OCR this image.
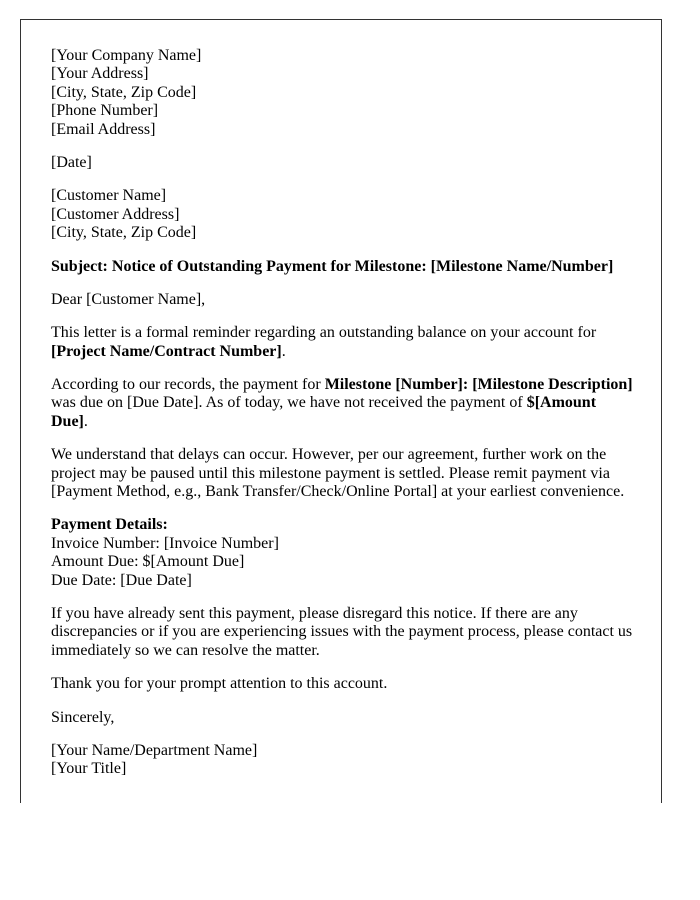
[Your Company Name]
[Your Address]
[City, State, Zip Code]
[Phone Number]
[Email Address]

[Date]

[Customer Name]
[Customer Address]
[City, State, Zip Code]

Subject: Notice of Outstanding Payment for Milestone: [Milestone Name/Number]

Dear [Customer Name],

This letter is a formal reminder regarding an outstanding balance on your account for [Project Name/Contract Number].

According to our records, the payment for Milestone [Number]: [Milestone Description] was due on [Due Date]. As of today, we have not received the payment of $[Amount Due].

We understand that delays can occur. However, per our agreement, further work on the project may be paused until this milestone payment is settled. Please remit payment via [Payment Method, e.g., Bank Transfer/Check/Online Portal] at your earliest convenience.

Payment Details:
Invoice Number: [Invoice Number]
Amount Due: $[Amount Due]
Due Date: [Due Date]

If you have already sent this payment, please disregard this notice. If there are any discrepancies or if you are experiencing issues with the payment process, please contact us immediately so we can resolve the matter.

Thank you for your prompt attention to this account.

Sincerely,

[Your Name/Department Name]
[Your Title]
